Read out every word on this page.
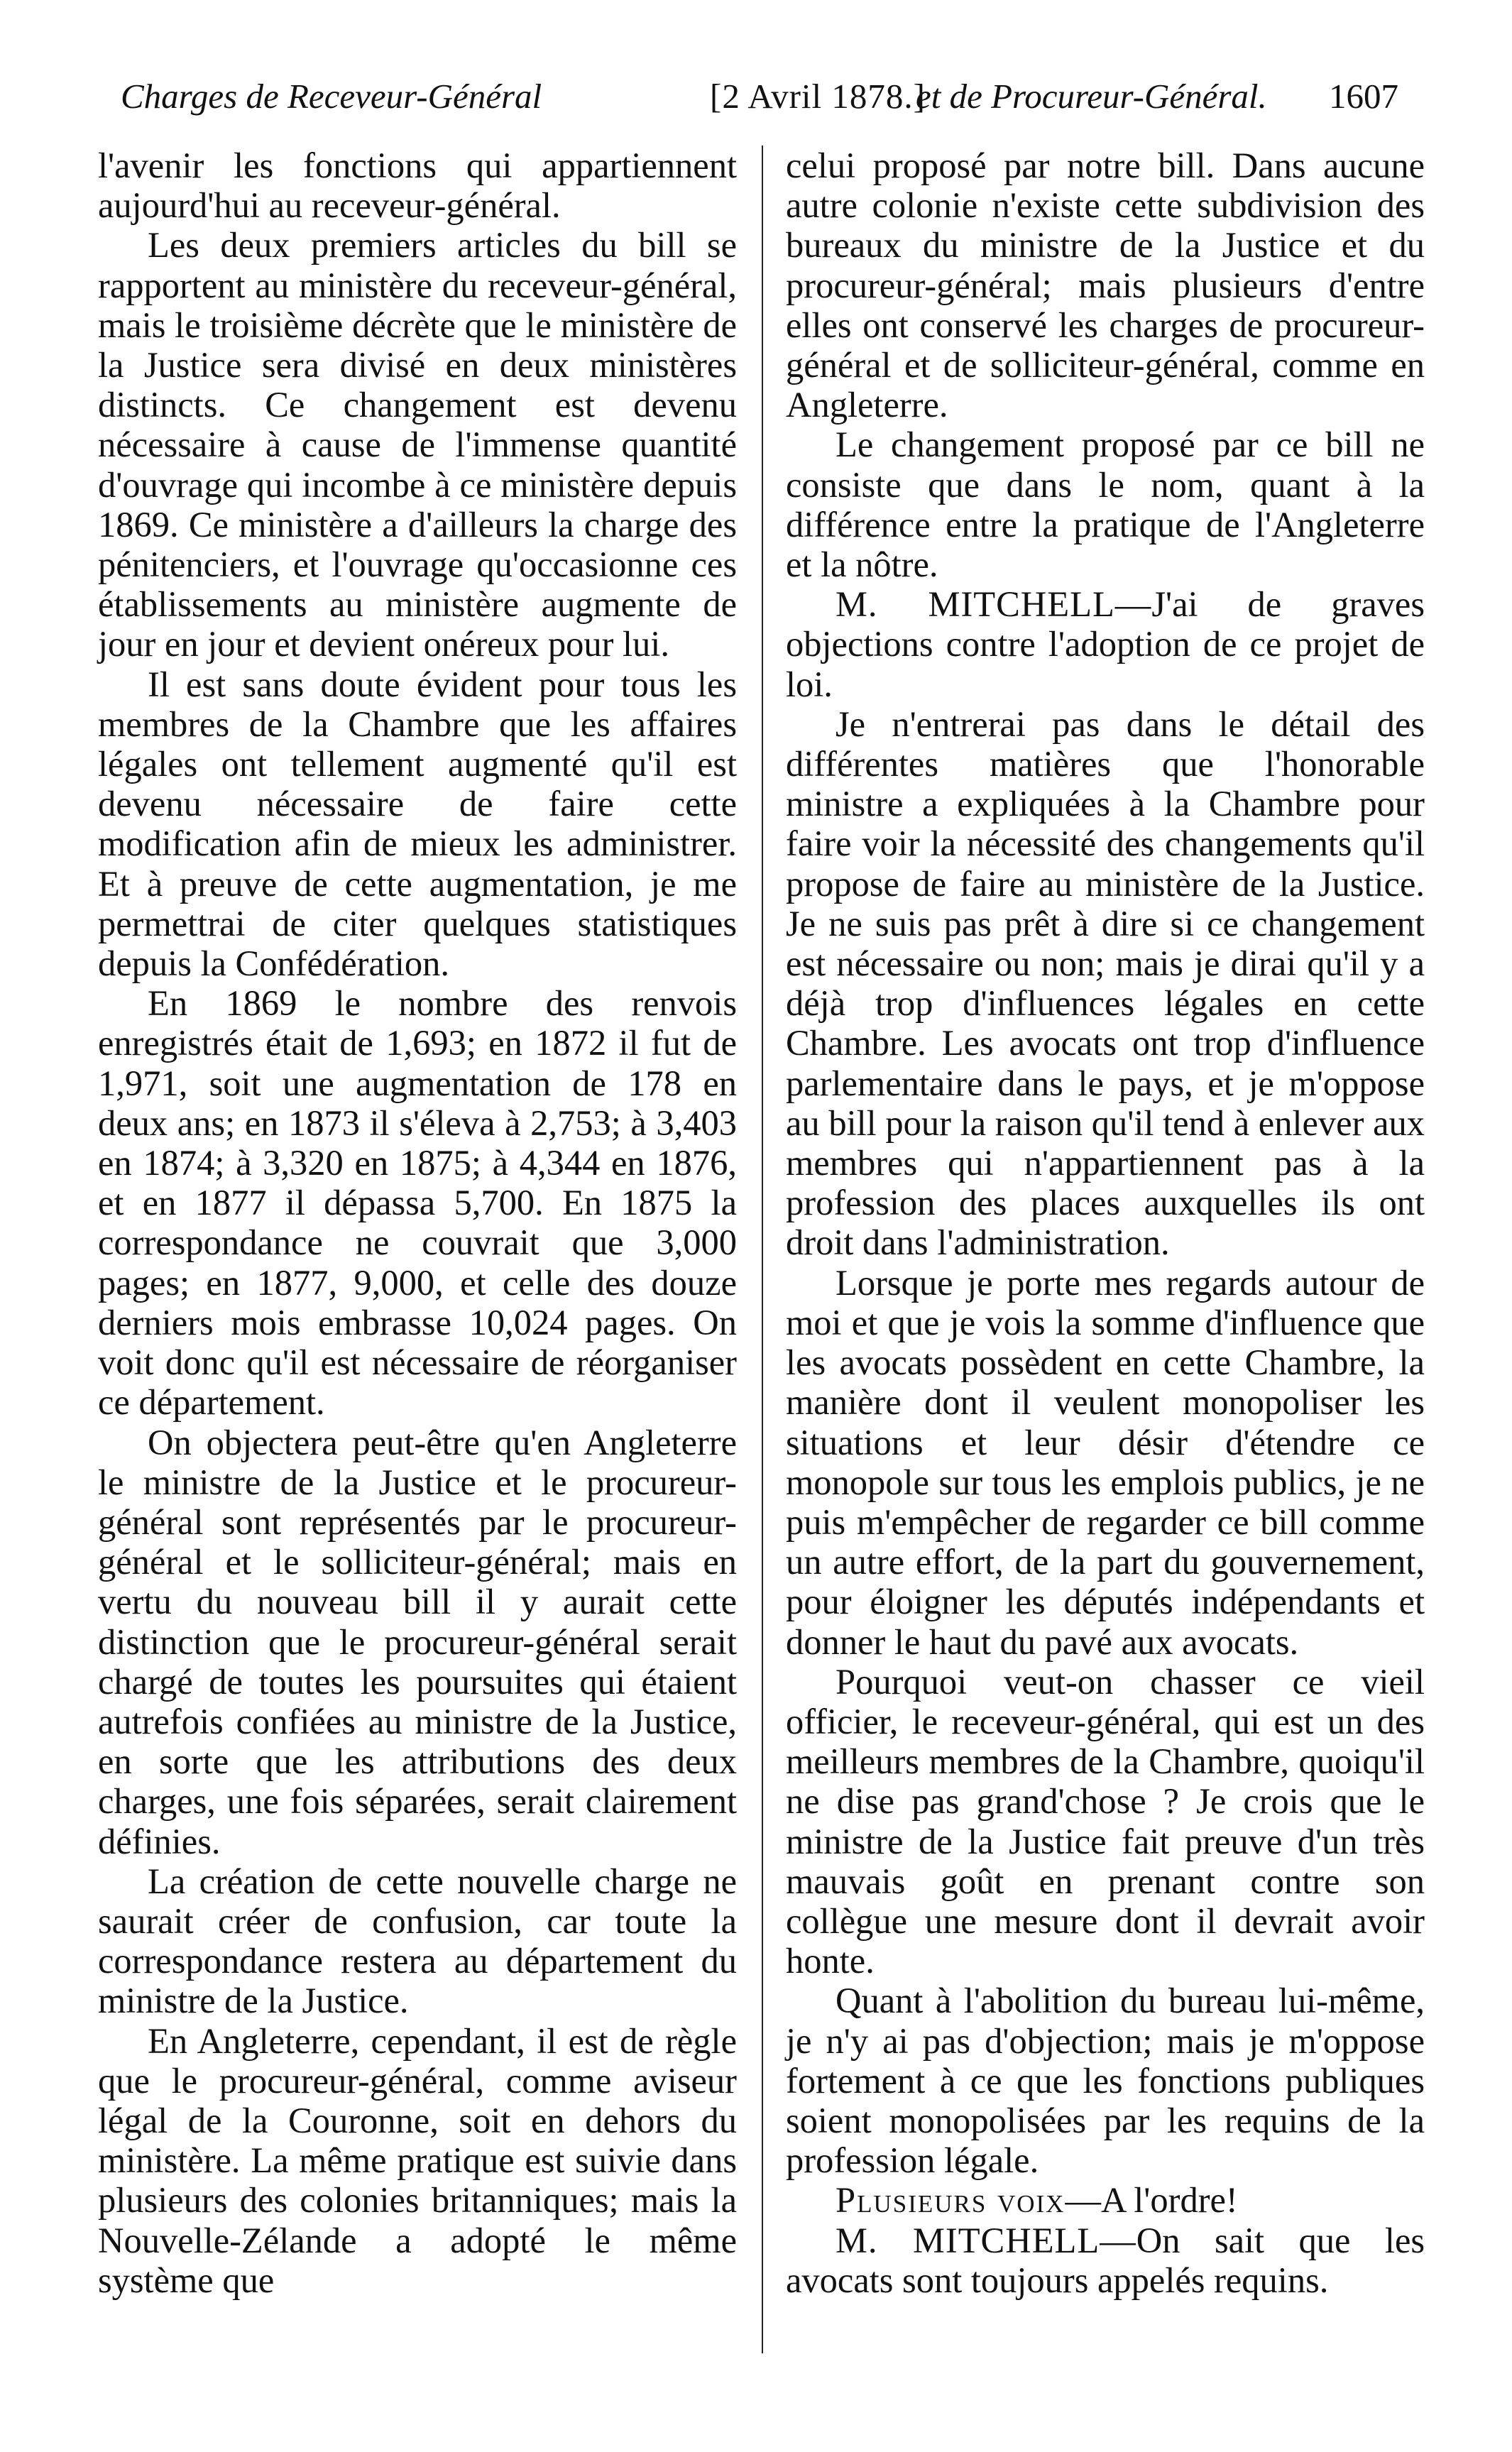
Charges de Receveur-Général	[2 Avril 1878.]
et de Procureur-Général. 1607

l'avenir les fonctions qui appartiennent aujourd'hui au receveur-général.

Les deux premiers articles du bill se rapportent au ministère du receveur-général, mais le troisième décrète que le ministère de la Justice sera divisé en deux ministères distincts. Ce changement est devenu nécessaire à cause de l'immense quantité d'ouvrage qui incombe à ce ministère depuis 1869. Ce ministère a d'ailleurs la charge des pénitenciers, et l'ouvrage qu'occasionne ces établissements au ministère augmente de jour en jour et devient onéreux pour lui.

Il est sans doute évident pour tous les membres de la Chambre que les affaires légales ont tellement augmenté qu'il est devenu nécessaire de faire cette modification afin de mieux les administrer. Et à preuve de cette augmentation, je me permettrai de citer quelques statistiques depuis la Confédération.

En 1869 le nombre des renvois enregistrés était de 1,693; en 1872 il fut de 1,971, soit une augmentation de 178 en deux ans; en 1873 il s'éleva à 2,753; à 3,403 en 1874; à 3,320 en 1875; à 4,344 en 1876, et en 1877 il dépassa 5,700. En 1875 la correspondance ne couvrait que 3,000 pages; en 1877, 9,000, et celle des douze derniers mois embrasse 10,024 pages. On voit donc qu'il est nécessaire de réorganiser ce département.

On objectera peut-être qu'en Angleterre le ministre de la Justice et le procureur-général sont représentés par le procureur-général et le solliciteur-général; mais en vertu du nouveau bill il y aurait cette distinction que le procureur-général serait chargé de toutes les poursuites qui étaient autrefois confiées au ministre de la Justice, en sorte que les attributions des deux charges, une fois séparées, serait clairement définies.

La création de cette nouvelle charge ne saurait créer de confusion, car toute la correspondance restera au département du ministre de la Justice.

En Angleterre, cependant, il est de règle que le procureur-général, comme aviseur légal de la Couronne, soit en dehors du ministère. La même pratique est suivie dans plusieurs des colonies britanniques; mais la Nouvelle-Zélande a adopté le même système que

celui proposé par notre bill. Dans aucune autre colonie n'existe cette subdivision des bureaux du ministre de la Justice et du procureur-général; mais plusieurs d'entre elles ont conservé les charges de procureur-général et de solliciteur-général, comme en Angleterre.

Le changement proposé par ce bill ne consiste que dans le nom, quant à la différence entre la pratique de l'Angleterre et la nôtre.

M. MITCHELL—J'ai de graves objections contre l'adoption de ce projet de loi.

Je n'entrerai pas dans le détail des différentes matières que l'honorable ministre a expliquées à la Chambre pour faire voir la nécessité des changements qu'il propose de faire au ministère de la Justice. Je ne suis pas prêt à dire si ce changement est nécessaire ou non; mais je dirai qu'il y a déjà trop d'influences légales en cette Chambre. Les avocats ont trop d'influence parlementaire dans le pays, et je m'oppose au bill pour la raison qu'il tend à enlever aux membres qui n'appartiennent pas à la profession des places auxquelles ils ont droit dans l'administration.

Lorsque je porte mes regards autour de moi et que je vois la somme d'influence que les avocats possèdent en cette Chambre, la manière dont il veulent monopoliser les situations et leur désir d'étendre ce monopole sur tous les emplois publics, je ne puis m'empêcher de regarder ce bill comme un autre effort, de la part du gouvernement, pour éloigner les députés indépendants et donner le haut du pavé aux avocats.

Pourquoi veut-on chasser ce vieil officier, le receveur-général, qui est un des meilleurs membres de la Chambre, quoiqu'il ne dise pas grand'chose ? Je crois que le ministre de la Justice fait preuve d'un très mauvais goût en prenant contre son collègue une mesure dont il devrait avoir honte.

Quant à l'abolition du bureau lui-même, je n'y ai pas d'objection; mais je m'oppose fortement à ce que les fonctions publiques soient monopolisées par les requins de la profession légale.

Plusieurs voix—A l'ordre!

M. MITCHELL—On sait que les avocats sont toujours appelés requins.
